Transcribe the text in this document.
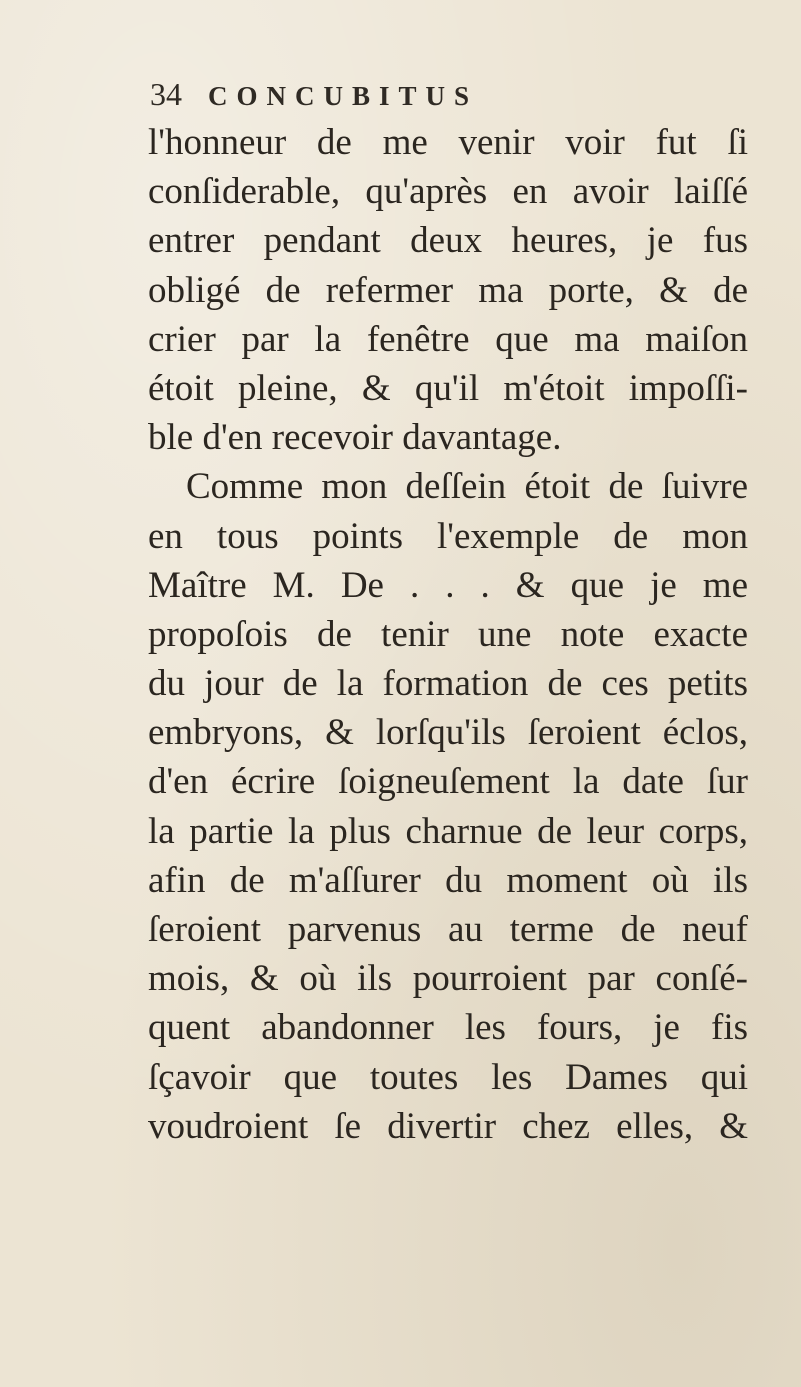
34 CONCUBITUS
l'honneur de me venir voir fut ſi
conſiderable, qu'après en avoir laiſſé
entrer pendant deux heures, je fus
obligé de refermer ma porte, & de
crier par la fenêtre que ma maiſon
étoit pleine, & qu'il m'étoit impoſſi-
ble d'en recevoir davantage.
Comme mon deſſein étoit de ſuivre
en tous points l'exemple de mon
Maître M. De . . . & que je me
propoſois de tenir une note exacte
du jour de la formation de ces petits
embryons, & lorſqu'ils ſeroient éclos,
d'en écrire ſoigneuſement la date ſur
la partie la plus charnue de leur corps,
afin de m'aſſurer du moment où ils
ſeroient parvenus au terme de neuf
mois, & où ils pourroient par conſé-
quent abandonner les fours, je fis
ſçavoir que toutes les Dames qui
voudroient ſe divertir chez elles, &
